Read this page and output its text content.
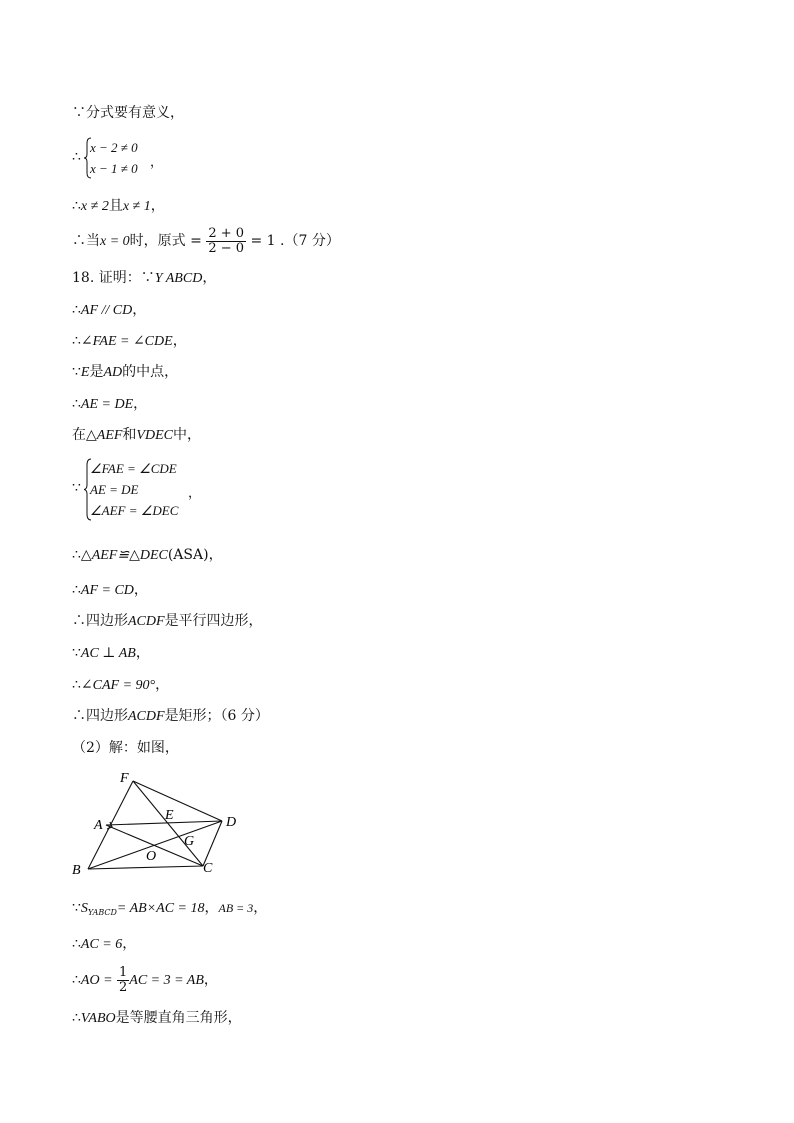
∵分式要有意义，
∴
x − 2 ≠ 0
x − 1 ≠ 0 ，
∴x ≠ 2且x ≠ 1，
∴当x = 0时，原式 = $\frac{2 + 0}{2 - 0} = 1$ .（7 分）
18. 证明：∵Y ABCD，
∴AF // CD，
∴∠FAE = ∠CDE，
∵E是AD的中点，
∴AE = DE，
在△AEF和VDEC中，
∵
∠FAE = ∠CDE
AE = DE
∠AEF = ∠DEC
，
∴△AEF≌△DEC(ASA)，
∴AF = CD，
∴四边形ACDF是平行四边形，
∵AC ⊥ AB，
∴∠CAF = 90°，
∴四边形ACDF是矩形；（6 分）
（2）解：如图，
F
E	D
A
G
O
B	C
$\because S_{YABCD}= AB\times AC = 18$，AB = 3，
∴AC = 6，
∴AO = $\frac{1}{2}$ AC = 3 = AB，
∴VABO是等腰直角三角形，
